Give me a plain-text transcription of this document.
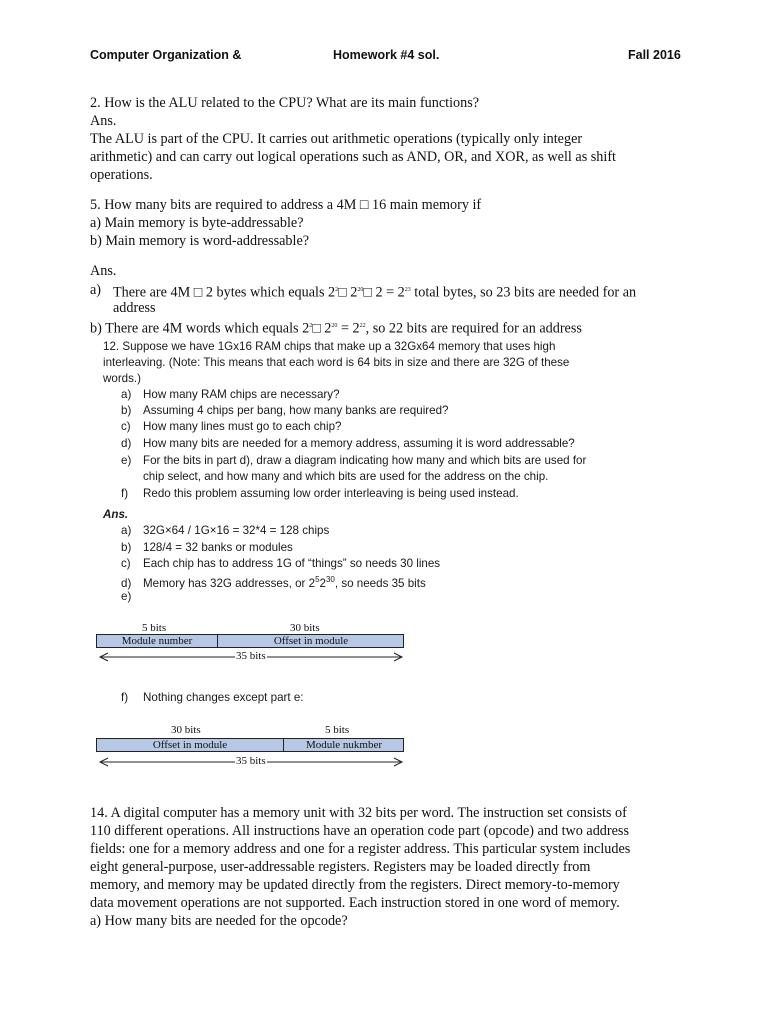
Computer Organization &	Homework #4 sol.	Fall 2016
2. How is the ALU related to the CPU? What are its main functions?
Ans.
The ALU is part of the CPU. It carries out arithmetic operations (typically only integer
arithmetic) and can carry out logical operations such as AND, OR, and XOR, as well as shift
operations.
5. How many bits are required to address a 4M □ 16 main memory if
a) Main memory is byte-addressable?
b) Main memory is word-addressable?
Ans.
a) There are 4M □ 2 bytes which equals $2^2□$ $2^{20}□$ $2 = 2^{23}$ total bytes, so 23 bits are needed for an
address
b) There are 4M words which equals $2^2□$ $2^{20} = 2^{22}$, so 22 bits are required for an address
12. Suppose we have 1Gx16 RAM chips that make up a 32Gx64 memory that uses high
interleaving. (Note: This means that each word is 64 bits in size and there are 32G of these
words.)
a) How many RAM chips are necessary?
b) Assuming 4 chips per bang, how many banks are required?
c) How many lines must go to each chip?
d) How many bits are needed for a memory address, assuming it is word addressable?
e) For the bits in part d), draw a diagram indicating how many and which bits are used for
chip select, and how many and which bits are used for the address on the chip.
f) Redo this problem assuming low order interleaving is being used instead.
Ans.
a) 32G×64 / 1G×16 = 32*4 = 128 chips
b) 128/4 = 32 banks or modules
c) Each chip has to address 1G of “things” so needs 30 lines
d) Memory has 32G addresses, or $2^52^{30}$, so needs 35 bits
e)
5 bits	30 bits
Module number	Offset in module
35 bits
f) Nothing changes except part e:
30 bits	5 bits
Offset in module	Module nukmber
35 bits
14. A digital computer has a memory unit with 32 bits per word. The instruction set consists of
110 different operations. All instructions have an operation code part (opcode) and two address
fields: one for a memory address and one for a register address. This particular system includes
eight general-purpose, user-addressable registers. Registers may be loaded directly from
memory, and memory may be updated directly from the registers. Direct memory-to-memory
data movement operations are not supported. Each instruction stored in one word of memory.
a) How many bits are needed for the opcode?
